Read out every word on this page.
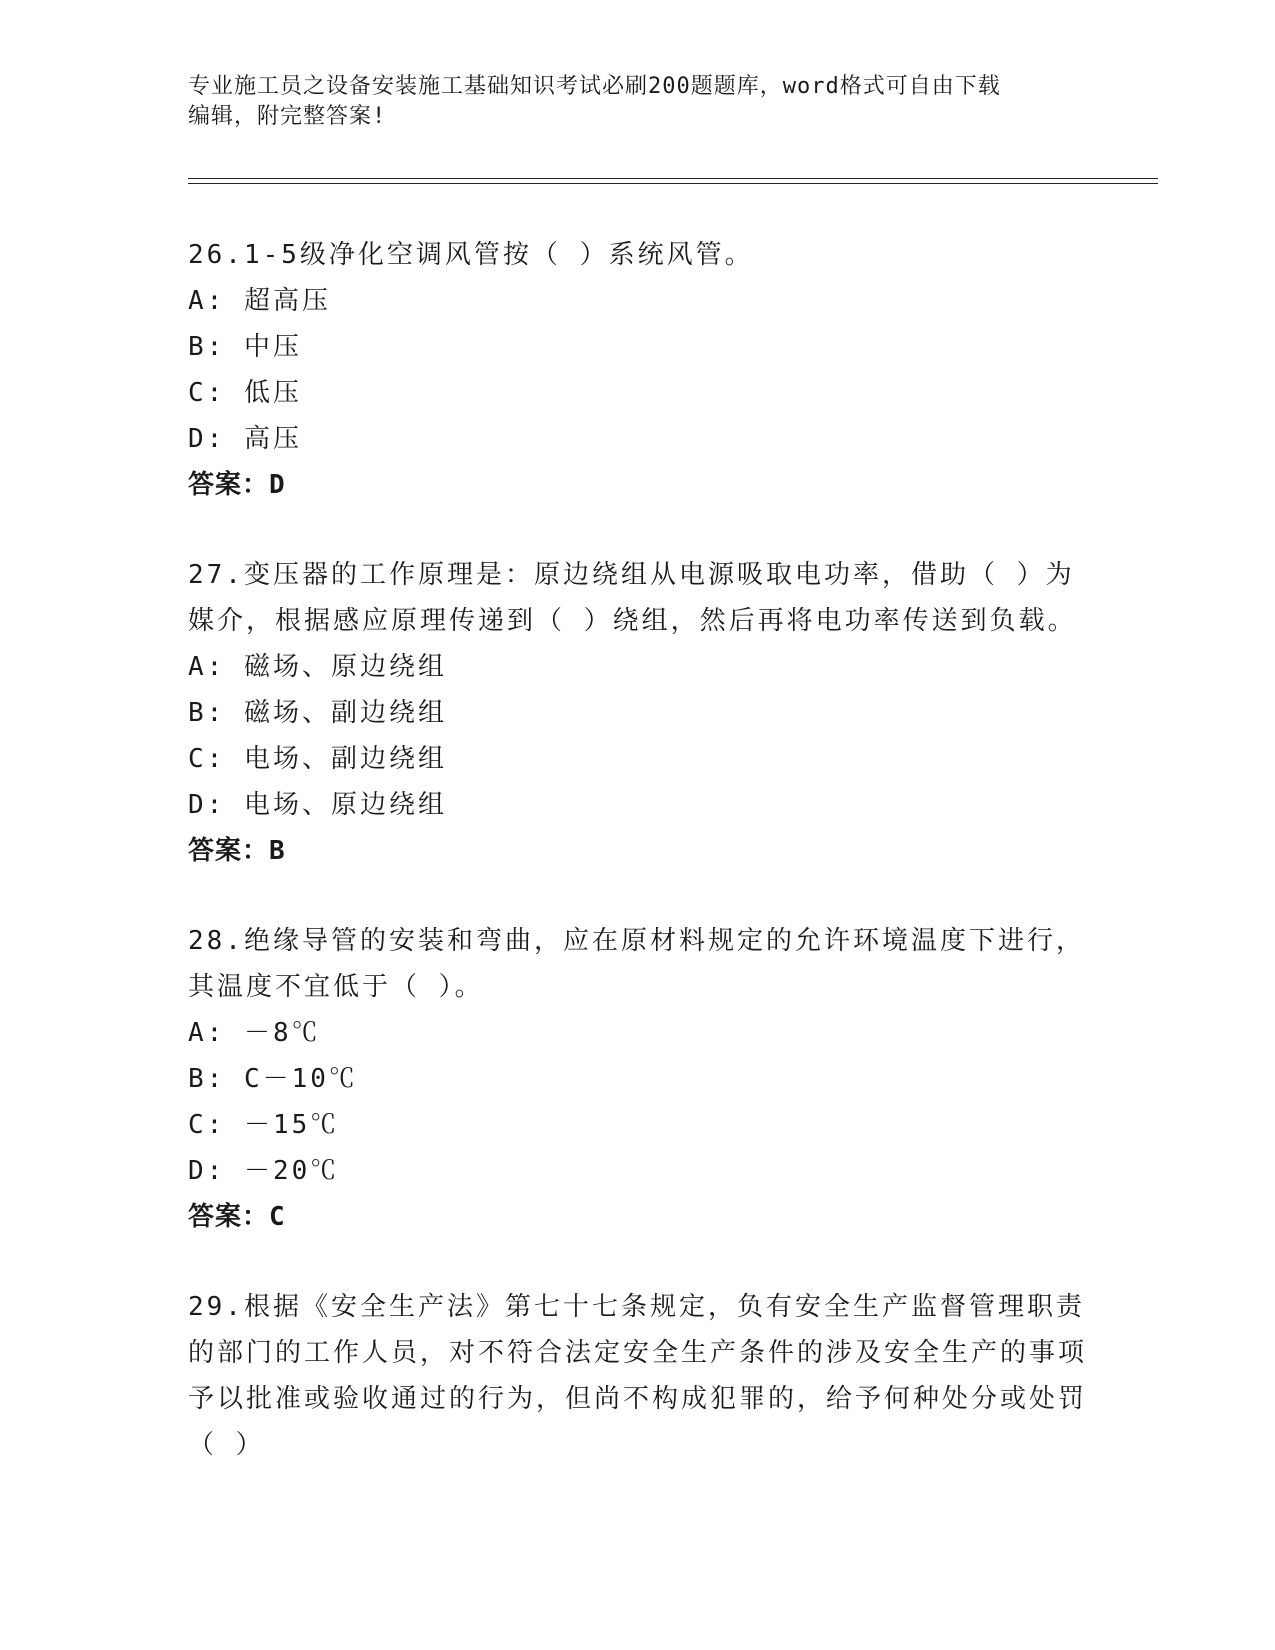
专业施工员之设备安装施工基础知识考试必刷200题题库，word格式可自由下载
编辑，附完整答案!

26.1-5级净化空调风管按（ ）系统风管。

A: 超高压

B: 中压

C: 低压

D: 高压

答案：D

27.变压器的工作原理是：原边绕组从电源吸取电功率，借助（ ）为媒介，根据感应原理传递到（ ）绕组，然后再将电功率传送到负载。

A: 磁场、原边绕组

B: 磁场、副边绕组

C: 电场、副边绕组

D: 电场、原边绕组

答案：B

28.绝缘导管的安装和弯曲，应在原材料规定的允许环境温度下进行，其温度不宜低于（ ）。

A: －8℃

B: C－10℃

C: －15℃

D: －20℃

答案：C

29.根据《安全生产法》第七十七条规定，负有安全生产监督管理职责的部门的工作人员，对不符合法定安全生产条件的涉及安全生产的事项予以批准或验收通过的行为，但尚不构成犯罪的，给予何种处分或处罚（ ）
